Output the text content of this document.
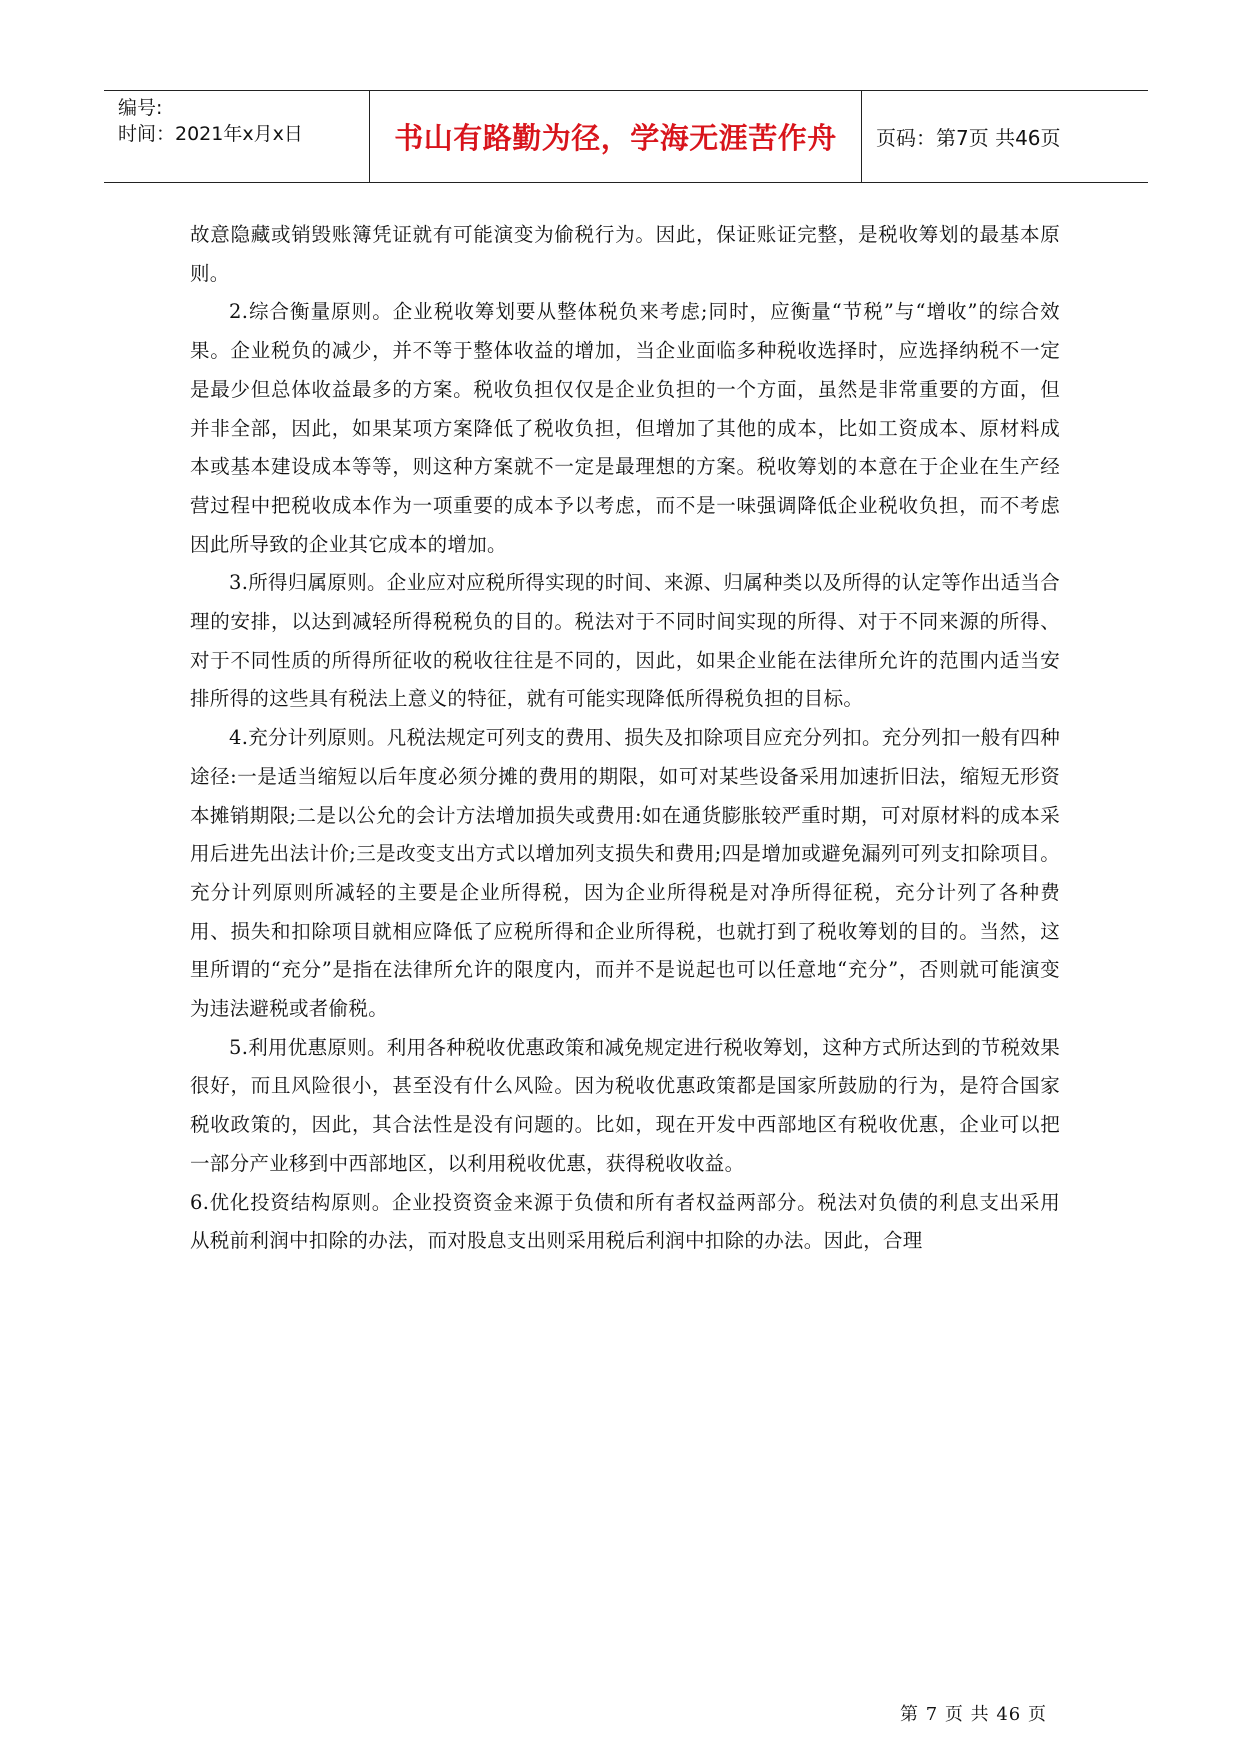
编号:
时间：2021年x月x日	书山有路勤为径，学海无涯苦作舟 页码：第7页 共46页

故意隐藏或销毁账簿凭证就有可能演变为偷税行为。因此，保证账证完整，是税收筹划的最基本原则。

2.综合衡量原则。企业税收筹划要从整体税负来考虑;同时，应衡量“节税”与“增收”的综合效果。企业税负的减少，并不等于整体收益的增加，当企业面临多种税收选择时，应选择纳税不一定是最少但总体收益最多的方案。税收负担仅仅是企业负担的一个方面，虽然是非常重要的方面，但并非全部，因此，如果某项方案降低了税收负担，但增加了其他的成本，比如工资成本、原材料成本或基本建设成本等等，则这种方案就不一定是最理想的方案。税收筹划的本意在于企业在生产经营过程中把税收成本作为一项重要的成本予以考虑，而不是一味强调降低企业税收负担，而不考虑因此所导致的企业其它成本的增加。

3.所得归属原则。企业应对应税所得实现的时间、来源、归属种类以及所得的认定等作出适当合理的安排，以达到减轻所得税税负的目的。税法对于不同时间实现的所得、对于不同来源的所得、对于不同性质的所得所征收的税收往往是不同的，因此，如果企业能在法律所允许的范围内适当安排所得的这些具有税法上意义的特征，就有可能实现降低所得税负担的目标。

4.充分计列原则。凡税法规定可列支的费用、损失及扣除项目应充分列扣。充分列扣一般有四种途径:一是适当缩短以后年度必须分摊的费用的期限，如可对某些设备采用加速折旧法，缩短无形资本摊销期限;二是以公允的会计方法增加损失或费用:如在通货膨胀较严重时期，可对原材料的成本采用后进先出法计价;三是改变支出方式以增加列支损失和费用;四是增加或避免漏列可列支扣除项目。充分计列原则所减轻的主要是企业所得税，因为企业所得税是对净所得征税，充分计列了各种费用、损失和扣除项目就相应降低了应税所得和企业所得税，也就打到了税收筹划的目的。当然，这里所谓的“充分”是指在法律所允许的限度内，而并不是说起也可以任意地“充分”，否则就可能演变为违法避税或者偷税。

5.利用优惠原则。利用各种税收优惠政策和减免规定进行税收筹划，这种方式所达到的节税效果很好，而且风险很小，甚至没有什么风险。因为税收优惠政策都是国家所鼓励的行为，是符合国家税收政策的，因此，其合法性是没有问题的。比如，现在开发中西部地区有税收优惠，企业可以把一部分产业移到中西部地区，以利用税收优惠，获得税收收益。

6.优化投资结构原则。企业投资资金来源于负债和所有者权益两部分。税法对负债的利息支出采用从税前利润中扣除的办法，而对股息支出则采用税后利润中扣除的办法。因此，合理

第 7 页 共 46 页
